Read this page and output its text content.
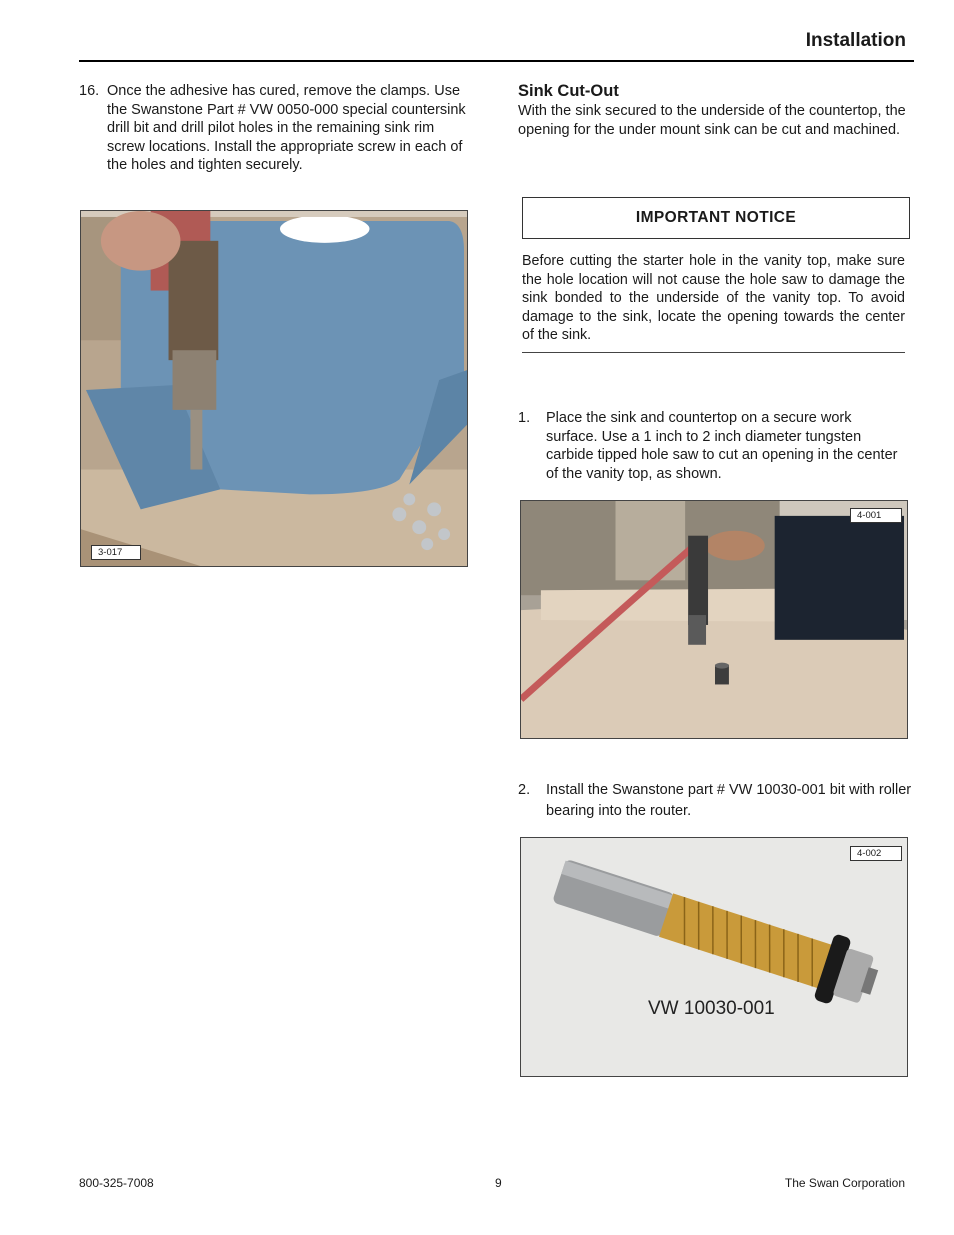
Installation
16. Once the adhesive has cured, remove the clamps. Use the Swanstone Part # VW 0050-000 special countersink drill bit and drill pilot holes in the remaining sink rim screw locations. Install the appropriate screw in each of the holes and tighten securely.
3-017
Sink Cut-Out
With the sink secured to the underside of the countertop, the opening for the under mount sink can be cut and machined.
IMPORTANT NOTICE
Before cutting the starter hole in the vanity top, make sure the hole location will not cause the hole saw to damage the sink bonded to the underside of the vanity top. To avoid damage to the sink, locate the opening towards the center of the sink.
1. Place the sink and countertop on a secure work surface. Use a 1 inch to 2 inch diameter tungsten carbide tipped hole saw to cut an opening in the center of the vanity top, as shown.
4-001
2. Install the Swanstone part # VW 10030-001 bit with roller bearing into the router.
4-002
VW 10030-001
800-325-7008	9	The Swan Corporation
